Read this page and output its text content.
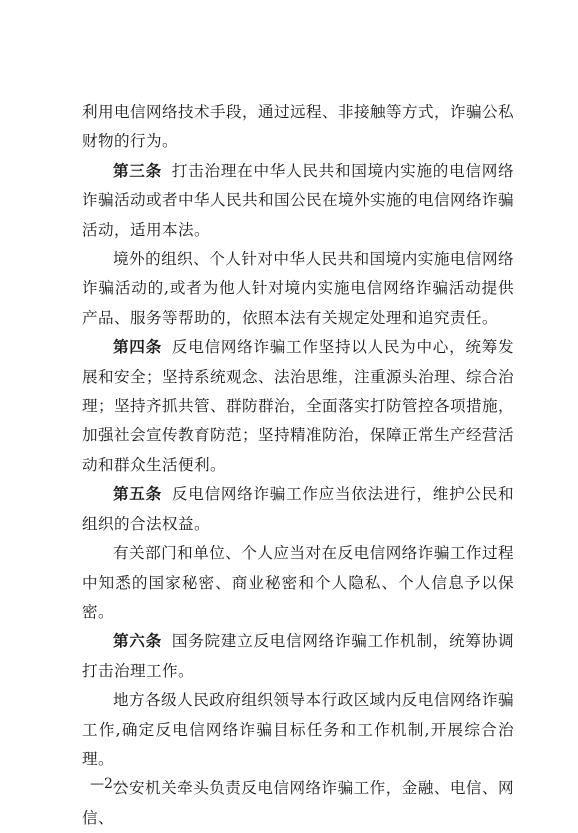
利用电信网络技术手段，通过远程、非接触等方式，诈骗公私财物的行为。

第三条 打击治理在中华人民共和国境内实施的电信网络诈骗活动或者中华人民共和国公民在境外实施的电信网络诈骗活动，适用本法。

境外的组织、个人针对中华人民共和国境内实施电信网络诈骗活动的,或者为他人针对境内实施电信网络诈骗活动提供产品、服务等帮助的，依照本法有关规定处理和追究责任。

第四条 反电信网络诈骗工作坚持以人民为中心，统筹发展和安全；坚持系统观念、法治思维，注重源头治理、综合治理；坚持齐抓共管、群防群治，全面落实打防管控各项措施，加强社会宣传教育防范；坚持精准防治，保障正常生产经营活动和群众生活便利。

第五条 反电信网络诈骗工作应当依法进行，维护公民和组织的合法权益。

有关部门和单位、个人应当对在反电信网络诈骗工作过程中知悉的国家秘密、商业秘密和个人隐私、个人信息予以保密。

第六条 国务院建立反电信网络诈骗工作机制，统筹协调打击治理工作。

地方各级人民政府组织领导本行政区域内反电信网络诈骗工作,确定反电信网络诈骗目标任务和工作机制,开展综合治理。

公安机关牵头负责反电信网络诈骗工作，金融、电信、网信、

—2—
